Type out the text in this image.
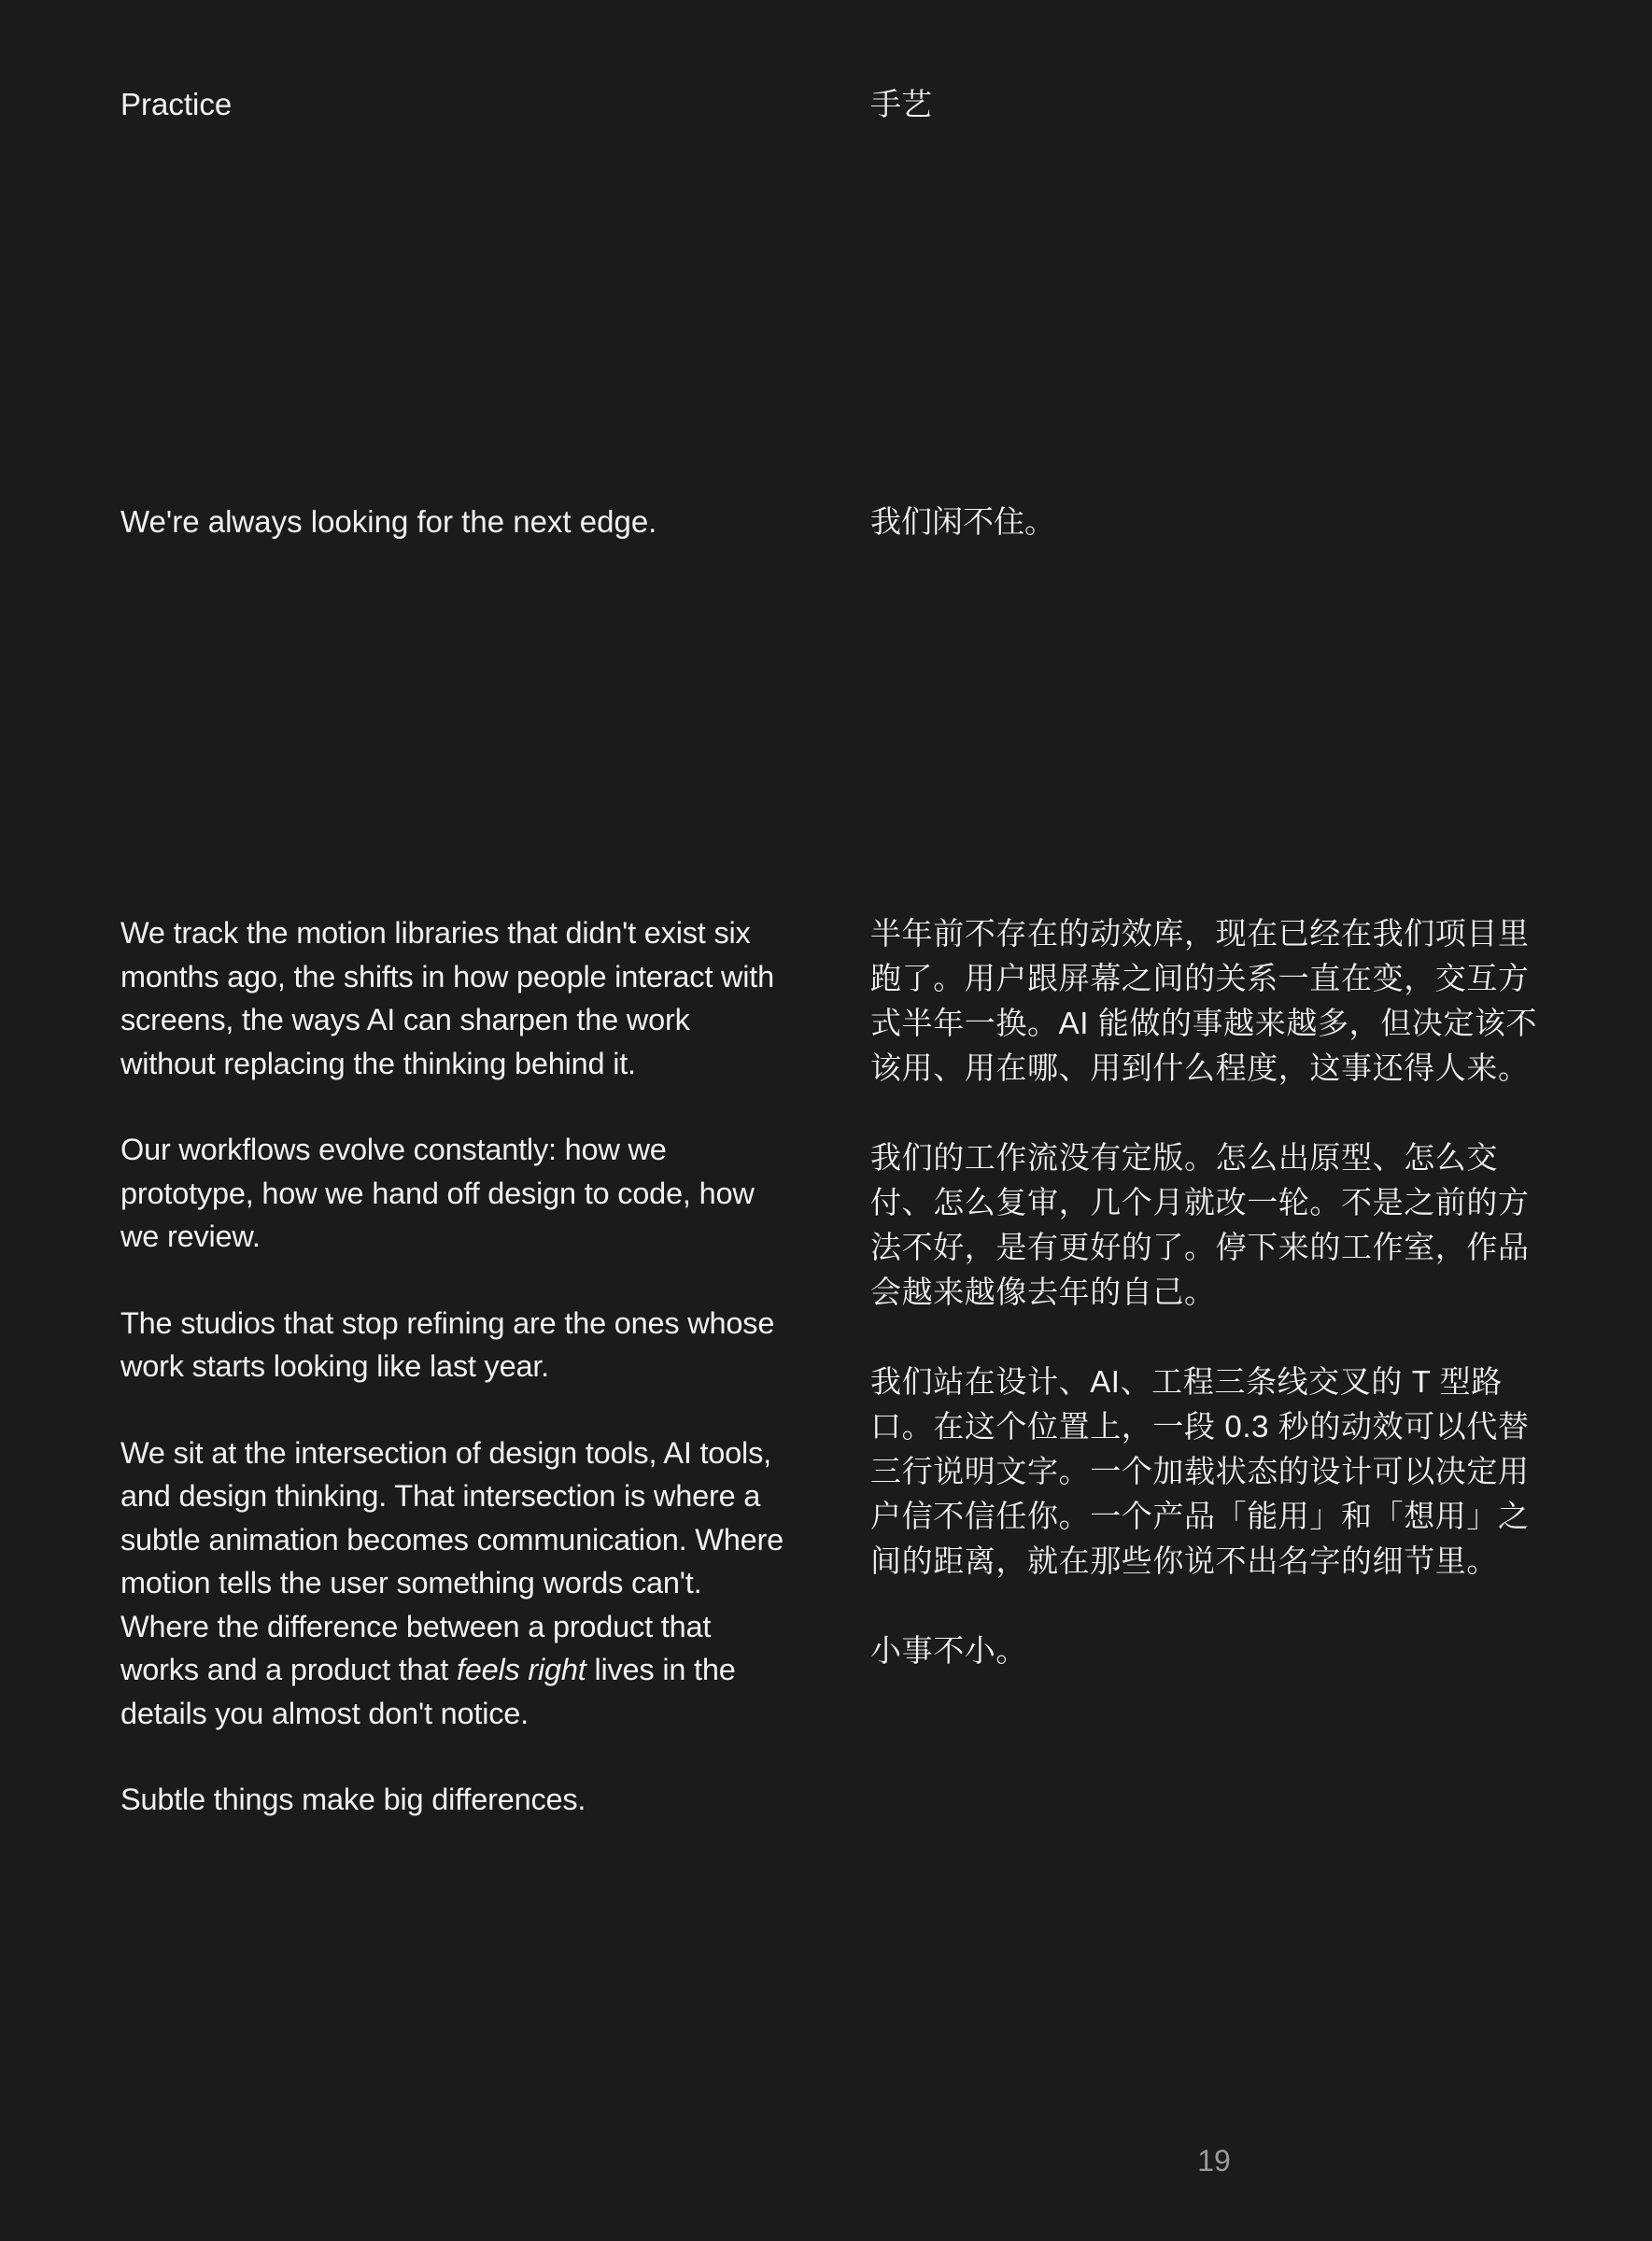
Practice	手艺
We're always looking for the next edge.	我们闲不住。

We track the motion libraries that didn't exist six months ago, the shifts in how people interact with screens, the ways AI can sharpen the work without replacing the thinking behind it.

Our workflows evolve constantly: how we prototype, how we hand off design to code, how we review.

The studios that stop refining are the ones whose work starts looking like last year.

We sit at the intersection of design tools, AI tools, and design thinking. That intersection is where a subtle animation becomes communication. Where motion tells the user something words can't. Where the difference between a product that works and a product that feels right lives in the details you almost don't notice.

Subtle things make big differences.

半年前不存在的动效库，现在已经在我们项目里跑了。用户跟屏幕之间的关系一直在变，交互方式半年一换。AI 能做的事越来越多，但决定该不该用、用在哪、用到什么程度，这事还得人来。

我们的工作流没有定版。怎么出原型、怎么交付、怎么复审，几个月就改一轮。不是之前的方法不好，是有更好的了。停下来的工作室，作品会越来越像去年的自己。

我们站在设计、AI、工程三条线交叉的 T 型路口。在这个位置上，一段 0.3 秒的动效可以代替三行说明文字。一个加载状态的设计可以决定用户信不信任你。一个产品「能用」和「想用」之间的距离，就在那些你说不出名字的细节里。

小事不小。

19
